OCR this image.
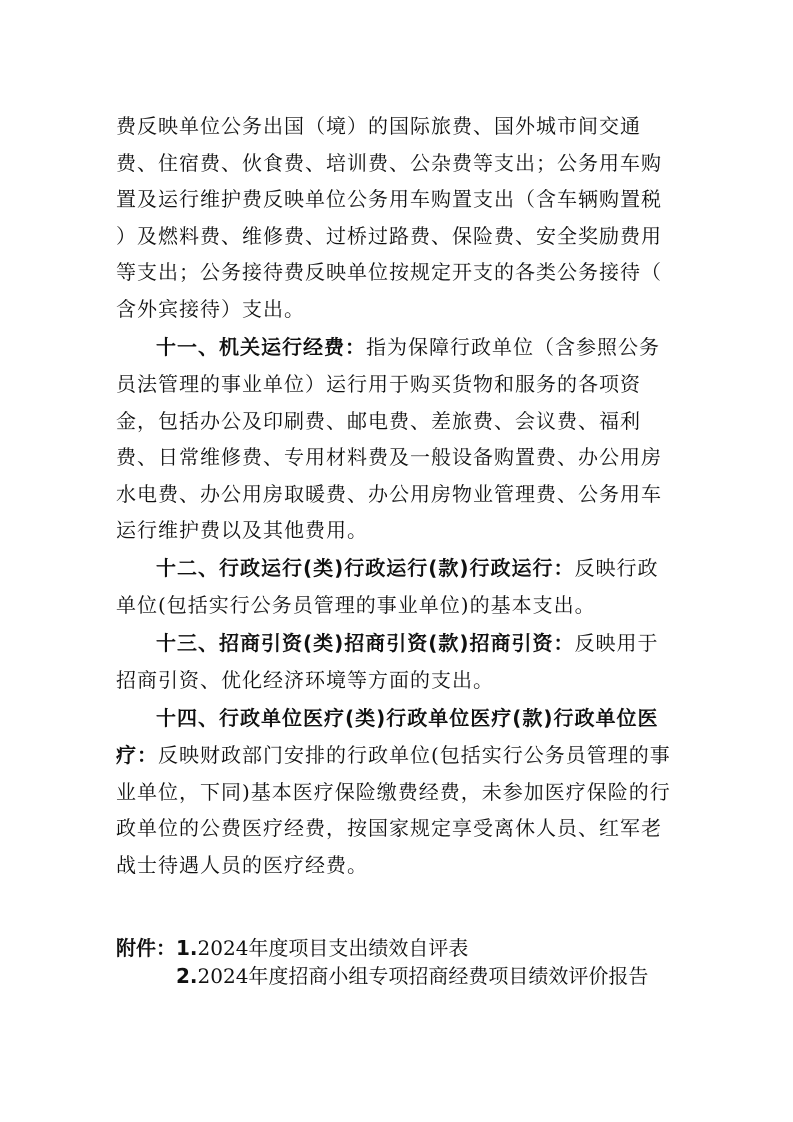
费反映单位公务出国（境）的国际旅费、国外城市间交通
费、住宿费、伙食费、培训费、公杂费等支出；公务用车购
置及运行维护费反映单位公务用车购置支出（含车辆购置税
）及燃料费、维修费、过桥过路费、保险费、安全奖励费用
等支出；公务接待费反映单位按规定开支的各类公务接待（
含外宾接待）支出。
十一、机关运行经费：指为保障行政单位（含参照公务
员法管理的事业单位）运行用于购买货物和服务的各项资
金，包括办公及印刷费、邮电费、差旅费、会议费、福利
费、日常维修费、专用材料费及一般设备购置费、办公用房
水电费、办公用房取暖费、办公用房物业管理费、公务用车
运行维护费以及其他费用。
十二、行政运行(类)行政运行(款)行政运行：反映行政
单位(包括实行公务员管理的事业单位)的基本支出。
十三、招商引资(类)招商引资(款)招商引资：反映用于
招商引资、优化经济环境等方面的支出。
十四、行政单位医疗(类)行政单位医疗(款)行政单位医
疗：反映财政部门安排的行政单位(包括实行公务员管理的事
业单位，下同)基本医疗保险缴费经费，未参加医疗保险的行
政单位的公费医疗经费，按国家规定享受离休人员、红军老
战士待遇人员的医疗经费。
附件： 1.2024年度项目支出绩效自评表
2.2024年度招商小组专项招商经费项目绩效评价报告
